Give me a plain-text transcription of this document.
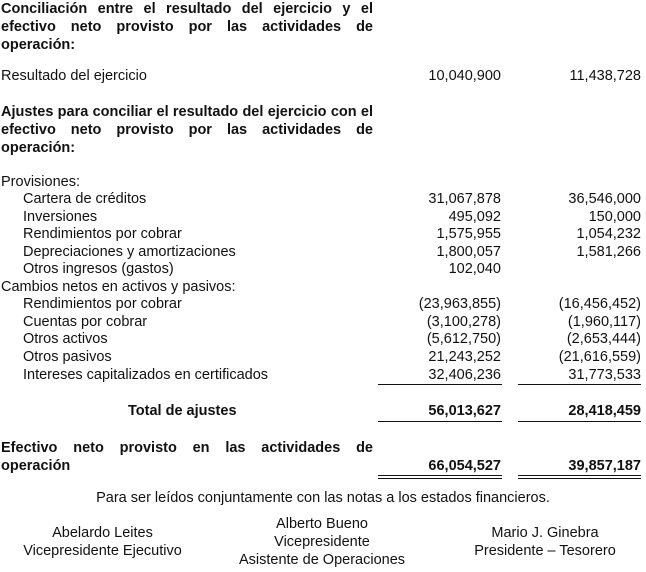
Conciliación entre el resultado del ejercicio y el efectivo neto provisto por las actividades de operación:
Resultado del ejercicio	10,040,900	11,438,728
Ajustes para conciliar el resultado del ejercicio con el efectivo neto provisto por las actividades de operación:
Provisiones:
Cartera de créditos	31,067,878	36,546,000
Inversiones	495,092	150,000
Rendimientos por cobrar	1,575,955	1,054,232
Depreciaciones y amortizaciones	1,800,057	1,581,266
Otros ingresos (gastos)	102,040
Cambios netos en activos y pasivos:
Rendimientos por cobrar	(23,963,855)	(16,456,452)
Cuentas por cobrar	(3,100,278)	(1,960,117)
Otros activos	(5,612,750)	(2,653,444)
Otros pasivos	21,243,252	(21,616,559)
Intereses capitalizados en certificados	32,406,236	31,773,533
Total de ajustes	56,013,627	28,418,459
Efectivo neto provisto en las actividades de operación	66,054,527	39,857,187
Para ser leídos conjuntamente con las notas a los estados financieros.
Abelardo Leites
Vicepresidente Ejecutivo
Alberto Bueno
Vicepresidente
Asistente de Operaciones
Mario J. Ginebra
Presidente – Tesorero
